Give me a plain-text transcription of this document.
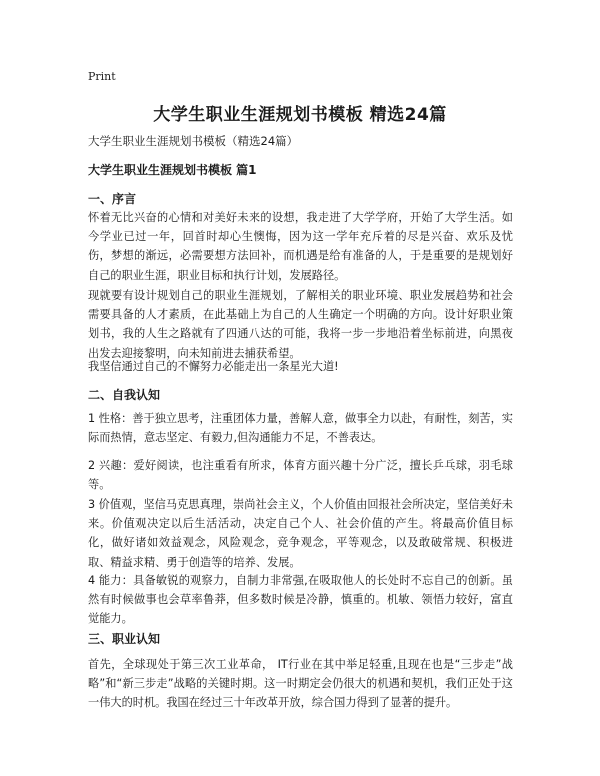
Print
大学生职业生涯规划书模板 精选24篇
大学生职业生涯规划书模板（精选24篇）
大学生职业生涯规划书模板 篇1
一、序言

怀着无比兴奋的心情和对美好未来的设想，我走进了大学学府，开始了大学生活。如今学业已过一年，回首时却心生懊悔，因为这一学年充斥着的尽是兴奋、欢乐及忧伤，梦想的渐远，必需要想方法回补，而机遇是给有准备的人，于是重要的是规划好自己的职业生涯，职业目标和执行计划，发展路径。

现就要有设计规划自己的职业生涯规划，了解相关的职业环境、职业发展趋势和社会需要具备的人才素质，在此基础上为自己的人生确定一个明确的方向。设计好职业策划书，我的人生之路就有了四通八达的可能，我将一步一步地沿着坐标前进，向黑夜出发去迎接黎明，向未知前进去捕获希望。

我坚信通过自己的不懈努力必能走出一条星光大道!

二、自我认知

1 性格：善于独立思考，注重团体力量，善解人意，做事全力以赴，有耐性，刻苦，实际而热情，意志坚定、有毅力,但沟通能力不足，不善表达。

2 兴趣：爱好阅读，也注重看有所求，体育方面兴趣十分广泛，擅长乒乓球，羽毛球等。

3 价值观，坚信马克思真理，崇尚社会主义，个人价值由回报社会所决定，坚信美好未来。价值观决定以后生活活动，决定自己个人、社会价值的产生。将最高价值目标化，做好诸如效益观念，风险观念，竞争观念，平等观念，以及敢破常规、积极进取、精益求精、勇于创造等的培养、发展。

4 能力：具备敏锐的观察力，自制力非常强,在吸取他人的长处时不忘自己的创新。虽然有时候做事也会草率鲁莽，但多数时候是冷静，慎重的。机敏、领悟力较好，富直觉能力。

三、职业认知

首先，全球现处于第三次工业革命， IT行业在其中举足轻重,且现在也是“三步走”战略”和“新三步走”战略的关键时期。这一时期定会仍很大的机遇和契机，我们正处于这一伟大的时机。我国在经过三十年改革开放，综合国力得到了显著的提升。
